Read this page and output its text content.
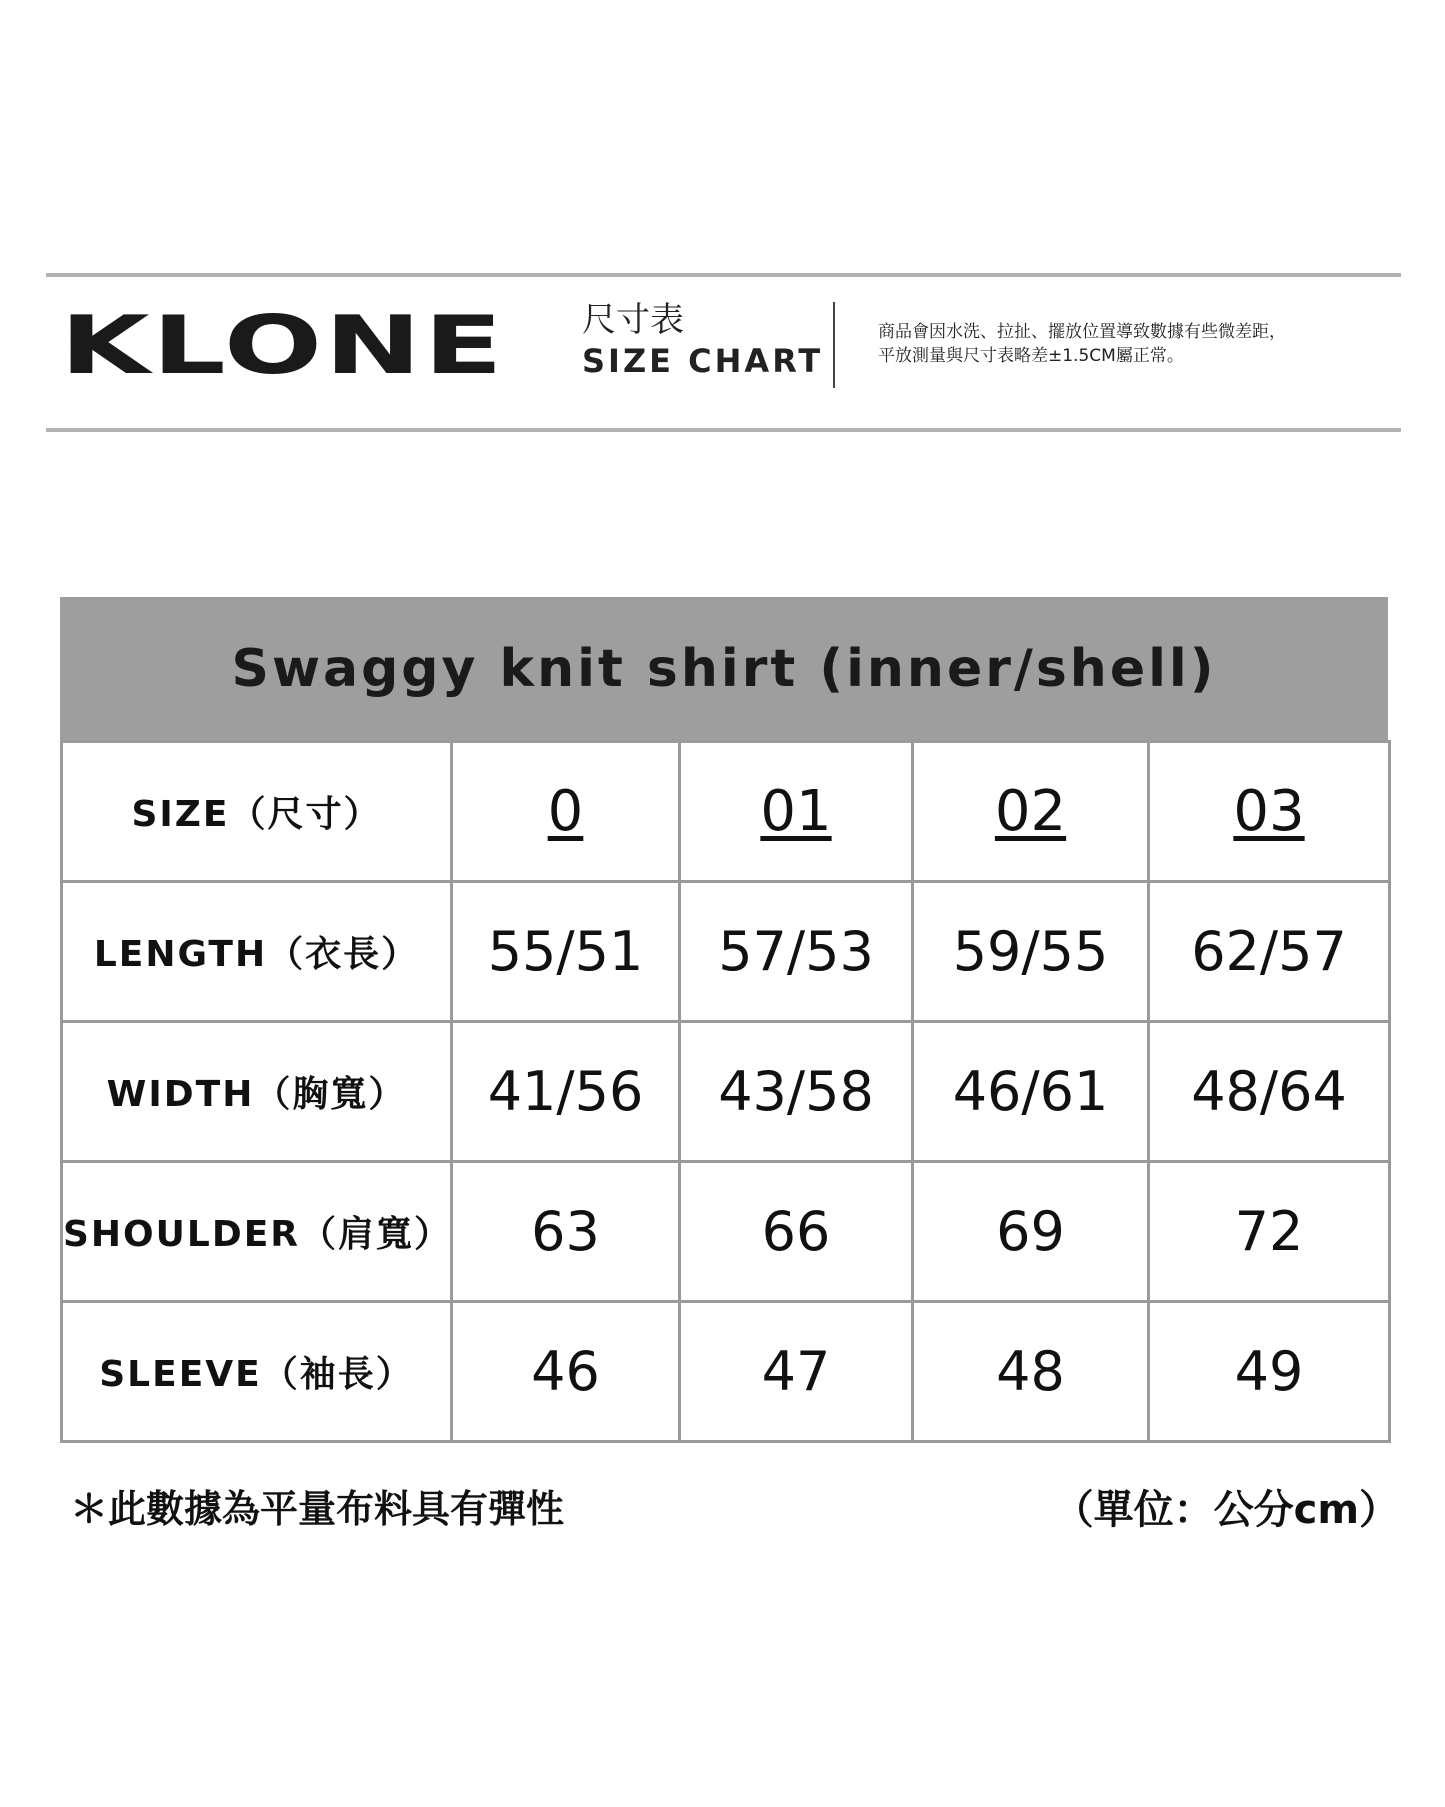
KLONE	尺寸表
SIZE CHART
商品會因水洗、拉扯、擺放位置導致數據有些微差距，
平放測量與尺寸表略差±1.5CM屬正常。
Swaggy knit shirt (inner/shell)
SIZE（尺寸）	0	01	02	03
LENGTH（衣長）	55/51	57/53	59/55	62/57
WIDTH（胸寬）	41/56	43/58	46/61	48/64
SHOULDER（肩寬）	63	66	69	72
SLEEVE（袖長）	46	47	48	49
＊此數據為平量布料具有彈性	（單位：公分cm）
